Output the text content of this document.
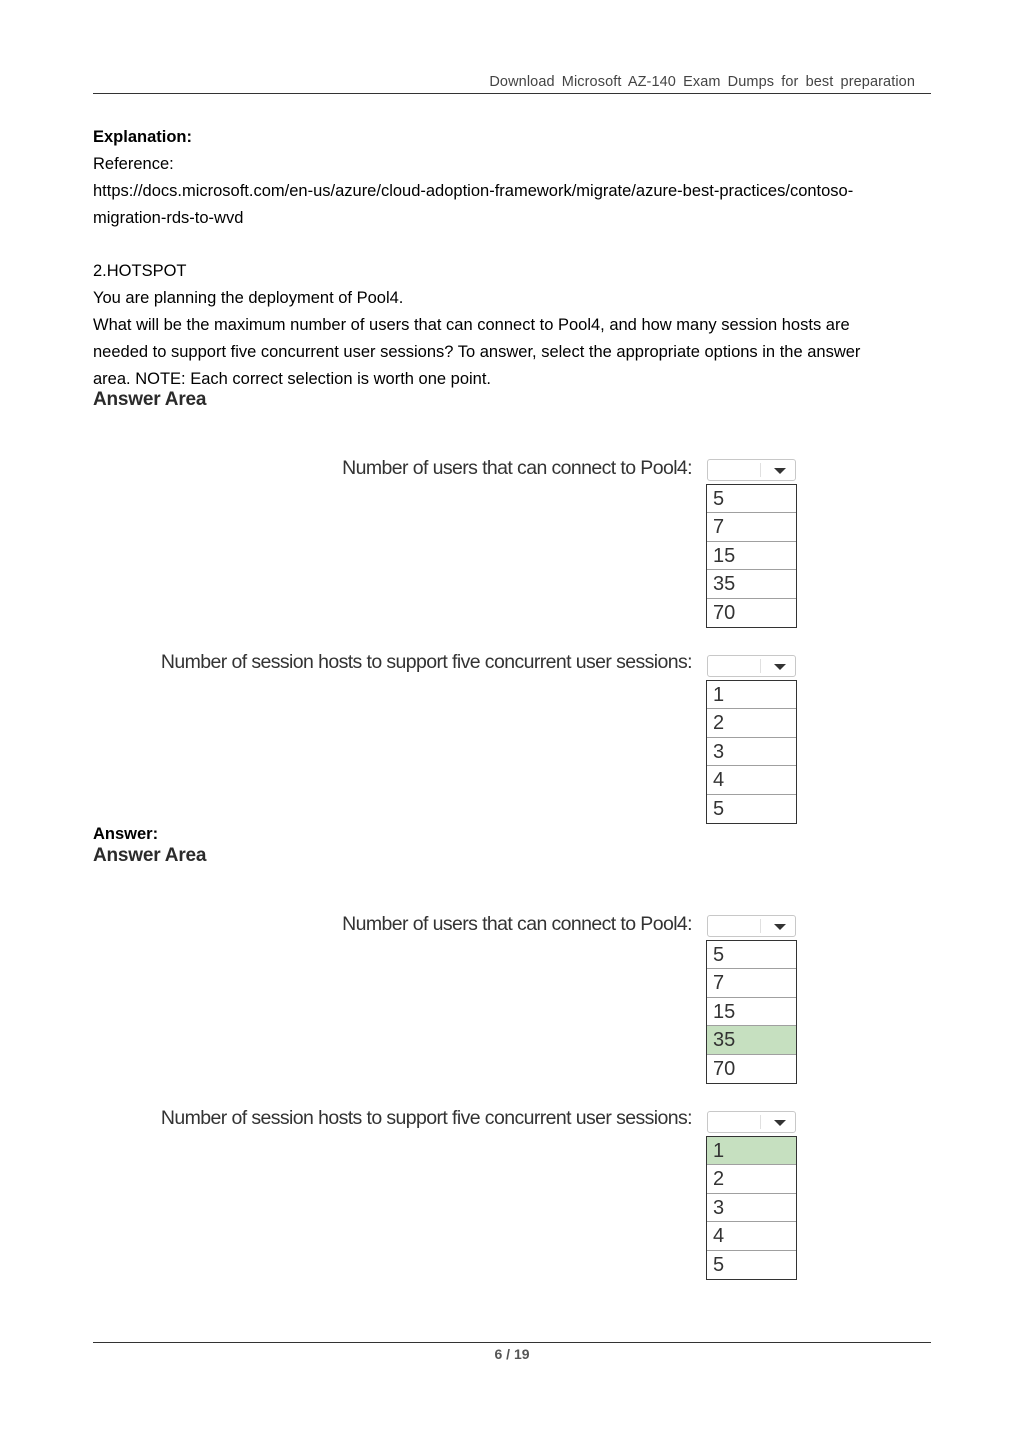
Download Microsoft AZ-140 Exam Dumps for best preparation
Explanation:
Reference:
https://docs.microsoft.com/en-us/azure/cloud-adoption-framework/migrate/azure-best-practices/contoso-
migration-rds-to-wvd
2.HOTSPOT
You are planning the deployment of Pool4.
What will be the maximum number of users that can connect to Pool4, and how many session hosts are
needed to support five concurrent user sessions? To answer, select the appropriate options in the answer
area. NOTE: Each correct selection is worth one point.
Answer Area
Number of users that can connect to Pool4:
5
7
15
35
70
Number of session hosts to support five concurrent user sessions:
1
2
3
4
5
Answer:
Answer Area
Number of users that can connect to Pool4:
5
7
15
35
70
Number of session hosts to support five concurrent user sessions:
1
2
3
4
5
6 / 19
